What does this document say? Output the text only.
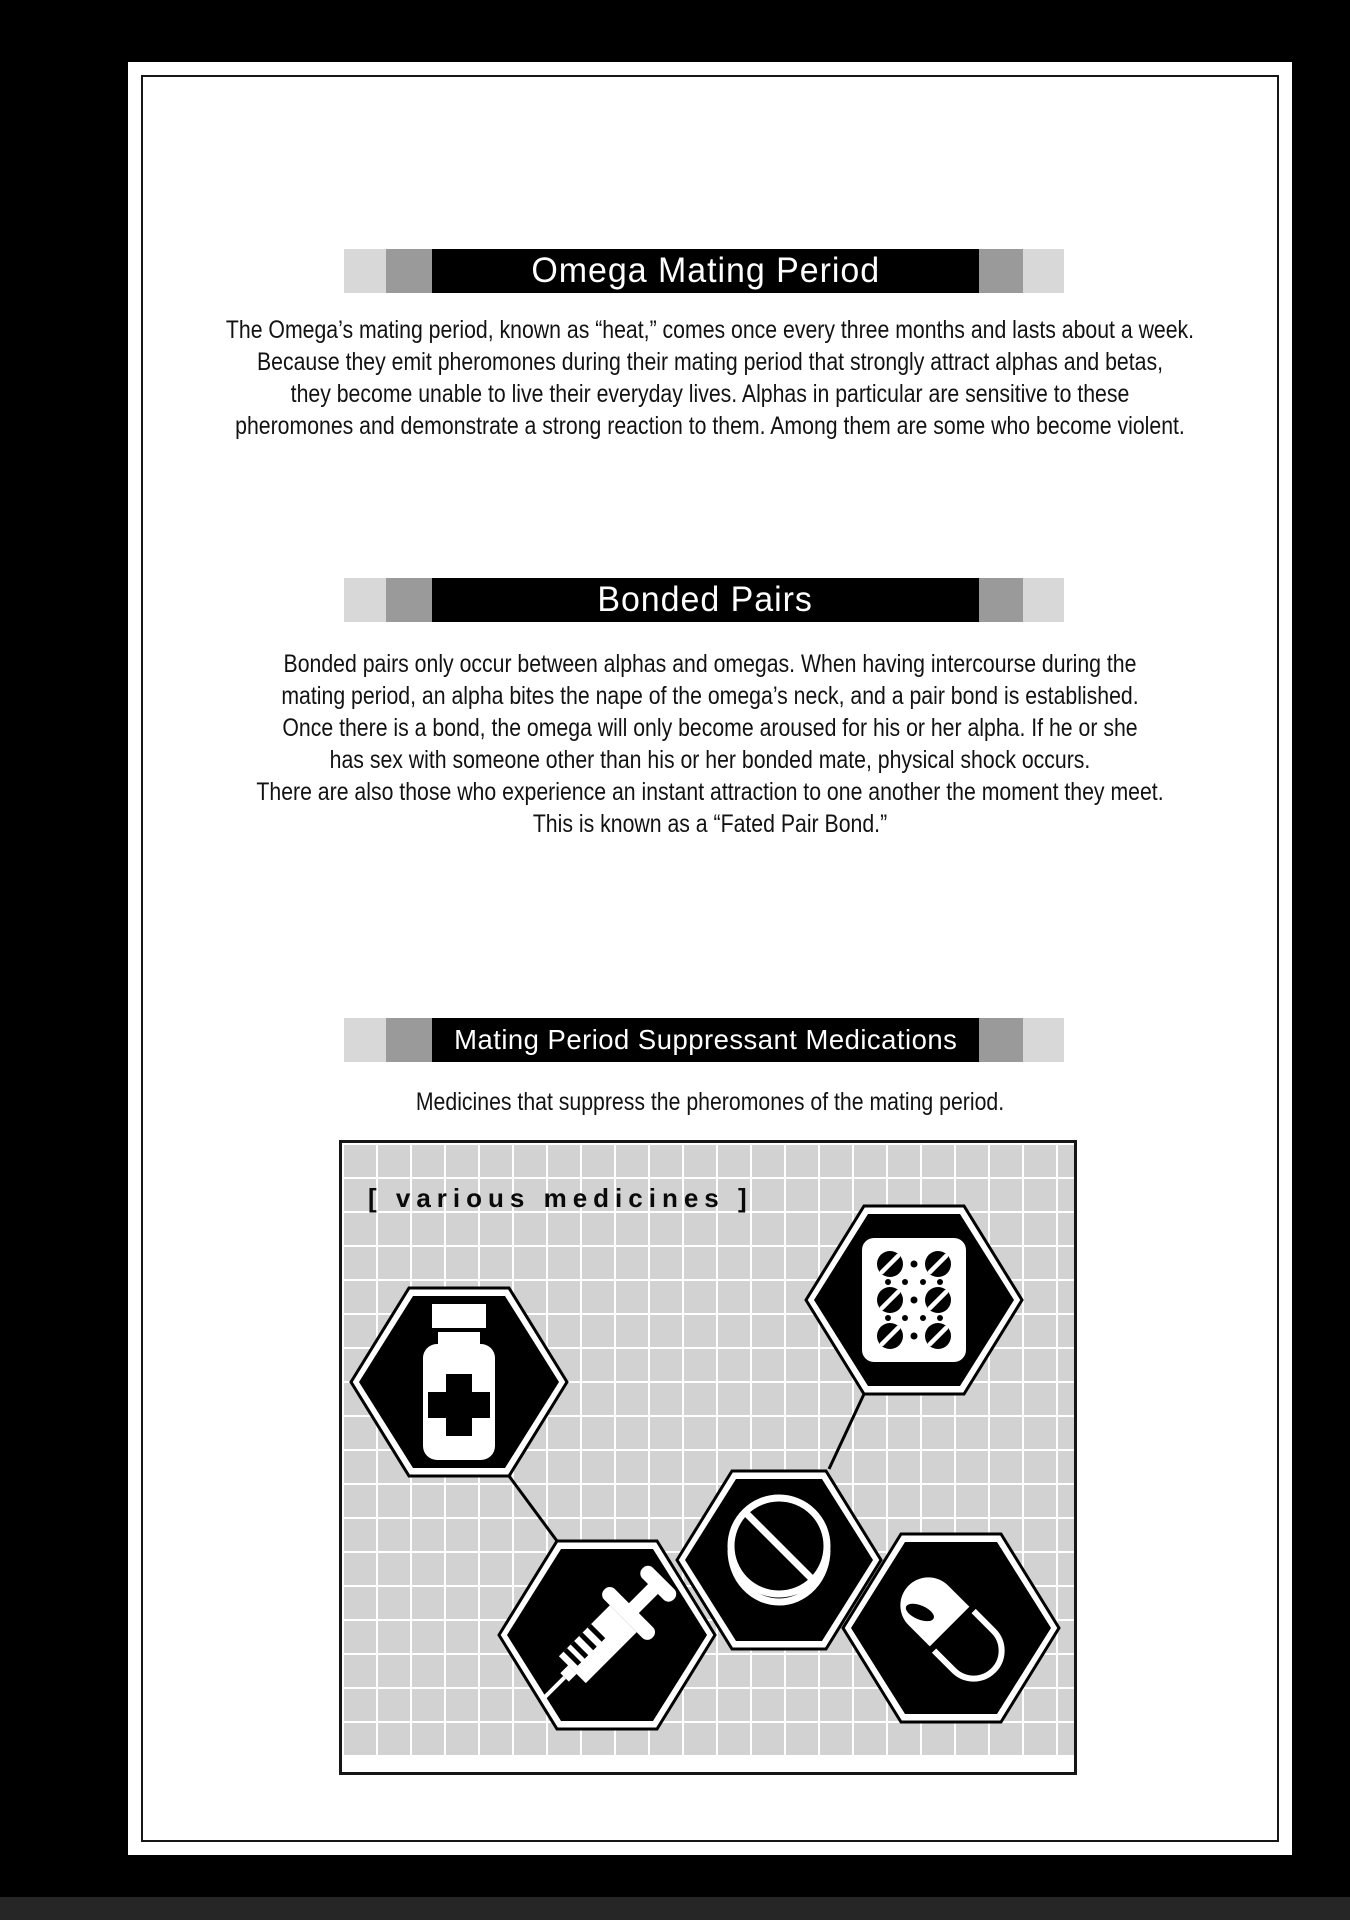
Omega Mating Period
The Omega’s mating period, known as “heat,” comes once every three months and lasts about a week.
Because they emit pheromones during their mating period that strongly attract alphas and betas,
they become unable to live their everyday lives. Alphas in particular are sensitive to these
pheromones and demonstrate a strong reaction to them. Among them are some who become violent.
Bonded Pairs
Bonded pairs only occur between alphas and omegas. When having intercourse during the
mating period, an alpha bites the nape of the omega’s neck, and a pair bond is established.
Once there is a bond, the omega will only become aroused for his or her alpha. If he or she
has sex with someone other than his or her bonded mate, physical shock occurs.
There are also those who experience an instant attraction to one another the moment they meet.
This is known as a “Fated Pair Bond.”
Mating Period Suppressant Medications
Medicines that suppress the pheromones of the mating period.
[ various medicines ]
